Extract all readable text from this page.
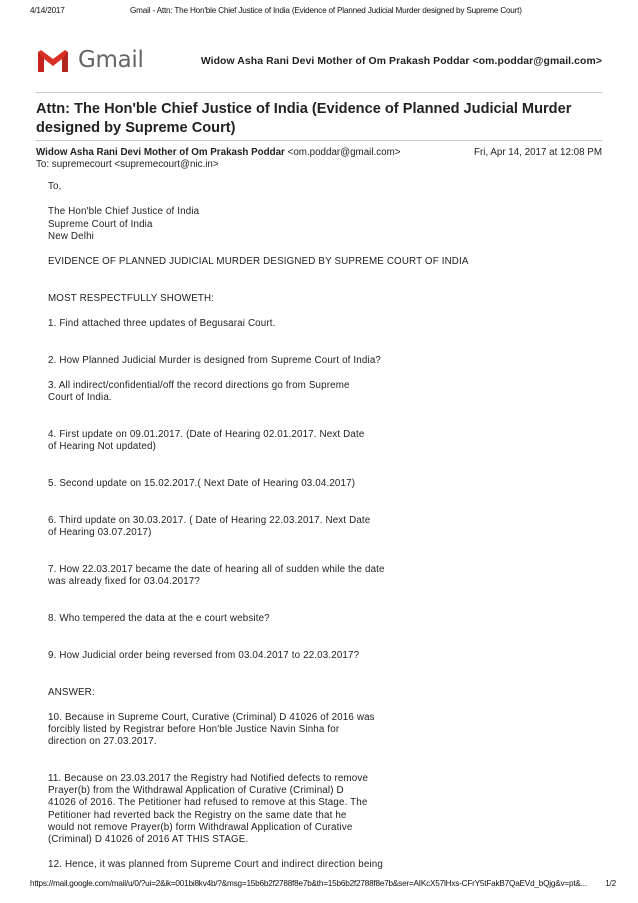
4/14/2017	Gmail - Attn: The Hon'ble Chief Justice of India (Evidence of Planned Judicial Murder designed by Supreme Court)
Gmail	Widow Asha Rani Devi Mother of Om Prakash Poddar <om.poddar@gmail.com>
Attn: The Hon'ble Chief Justice of India (Evidence of Planned Judicial Murder designed by Supreme Court)
Widow Asha Rani Devi Mother of Om Prakash Poddar <om.poddar@gmail.com>	Fri, Apr 14, 2017 at 12:08 PM
To: supremecourt <supremecourt@nic.in>
To,
The Hon'ble Chief Justice of India
Supreme Court of India
New Delhi
EVIDENCE OF PLANNED JUDICIAL MURDER DESIGNED BY SUPREME COURT OF INDIA
MOST RESPECTFULLY SHOWETH:
1. Find attached three updates of Begusarai Court.
2. How Planned Judicial Murder is designed from Supreme Court of India?
3. All indirect/confidential/off the record directions go from Supreme
Court of India.
4. First update on 09.01.2017. (Date of Hearing 02.01.2017. Next Date
of Hearing Not updated)
5. Second update on 15.02.2017.( Next Date of Hearing 03.04.2017)
6. Third update on 30.03.2017. ( Date of Hearing 22.03.2017. Next Date
of Hearing 03.07.2017)
7. How 22.03.2017 became the date of hearing all of sudden while the date
was already fixed for 03.04.2017?
8. Who tempered the data at the e court website?
9. How Judicial order being reversed from 03.04.2017 to 22.03.2017?
ANSWER:
10. Because in Supreme Court, Curative (Criminal) D 41026 of 2016 was
forcibly listed by Registrar before Hon'ble Justice Navin Sinha for
direction on 27.03.2017.
11. Because on 23.03.2017 the Registry had Notified defects to remove
Prayer(b) from the Withdrawal Application of Curative (Criminal) D
41026 of 2016. The Petitioner had refused to remove at this Stage. The
Petitioner had reverted back the Registry on the same date that he
would not remove Prayer(b) form Withdrawal Application of Curative
(Criminal) D 41026 of 2016 AT THIS STAGE.
12. Hence, it was planned from Supreme Court and indirect direction being
https://mail.google.com/mail/u/0/?ui=2&ik=001bi8kv4b/?&msg=15b6b2f2788f8e7b&th=15b6b2f2788f8e7b&ser=AIKcX57lHxs-CFrY5tFakB7QaEVd_bQjg&v=pt&...	1/2
